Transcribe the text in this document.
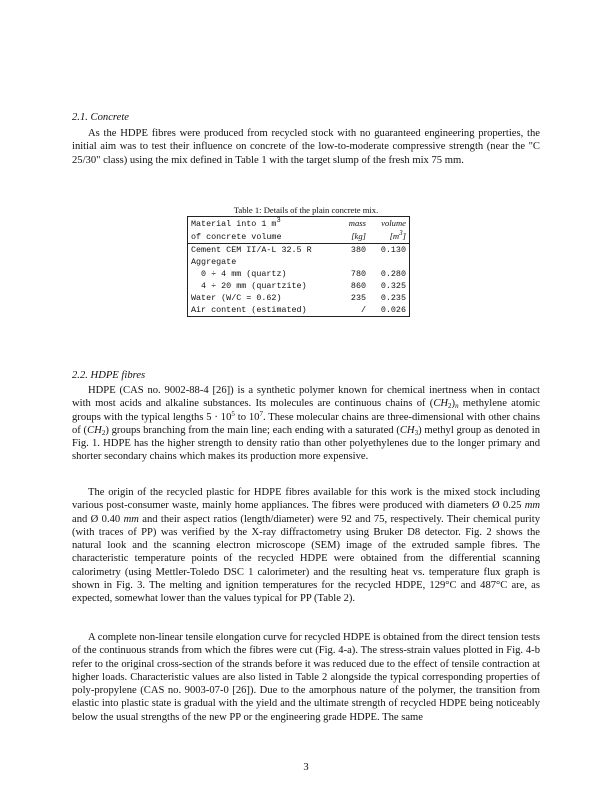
2.1. Concrete

As the HDPE fibres were produced from recycled stock with no guaranteed engineering properties, the initial aim was to test their influence on concrete of the low-to-moderate compressive strength (near the "C 25/30" class) using the mix defined in Table 1 with the target slump of the fresh mix 75 mm.

Table 1: Details of the plain concrete mix.
Material into 1 $m^3$	mass	volume
of concrete volume	[kg]	$[m^3]$
Cement CEM II/A-L 32.5 R	380	0.130
Aggregate		
0 ÷ 4 mm (quartz)	780	0.280
4 ÷ 20 mm (quartzite)	860	0.325
Water (W/C = 0.62)	235	0.235
Air content (estimated)	/	0.026
2.2. HDPE fibres

HDPE (CAS no. 9002-88-4 [26]) is a synthetic polymer known for chemical inertness when in contact with most acids and alkaline substances. Its molecules are continuous chains of $(CH_2)_n$ methylene atomic groups with the typical lengths $5 \cdot 10^5$ to $10^7$. These molecular chains are three-dimensional with other chains of $(CH_2)$ groups branching from the main line; each ending with a saturated $(CH_3)$ methyl group as denoted in Fig. 1. HDPE has the higher strength to density ratio than other polyethylenes due to the longer primary and shorter secondary chains which makes its production more expensive.

The origin of the recycled plastic for HDPE fibres available for this work is the mixed stock including various post-consumer waste, mainly home appliances. The fibres were produced with diameters Ø 0.25 mm and Ø 0.40 mm and their aspect ratios (length/diameter) were 92 and 75, respectively. Their chemical purity (with traces of PP) was verified by the X-ray diffractometry using Bruker D8 detector. Fig. 2 shows the natural look and the scanning electron microscope (SEM) image of the extruded sample fibres. The characteristic temperature points of the recycled HDPE were obtained from the differential scanning calorimetry (using Mettler-Toledo DSC 1 calorimeter) and the resulting heat vs. temperature flux graph is shown in Fig. 3. The melting and ignition temperatures for the recycled HDPE, 129°C and 487°C are, as expected, somewhat lower than the values typical for PP (Table 2).

A complete non-linear tensile elongation curve for recycled HDPE is obtained from the direct tension tests of the continuous strands from which the fibres were cut (Fig. 4-a). The stress-strain values plotted in Fig. 4-b refer to the original cross-section of the strands before it was reduced due to the effect of tensile contraction at higher loads. Characteristic values are also listed in Table 2 alongside the typical corresponding properties of poly-propylene (CAS no. 9003-07-0 [26]). Due to the amorphous nature of the polymer, the transition from elastic into plastic state is gradual with the yield and the ultimate strength of recycled HDPE being noticeably below the usual strengths of the new PP or the engineering grade HDPE. The same

3
